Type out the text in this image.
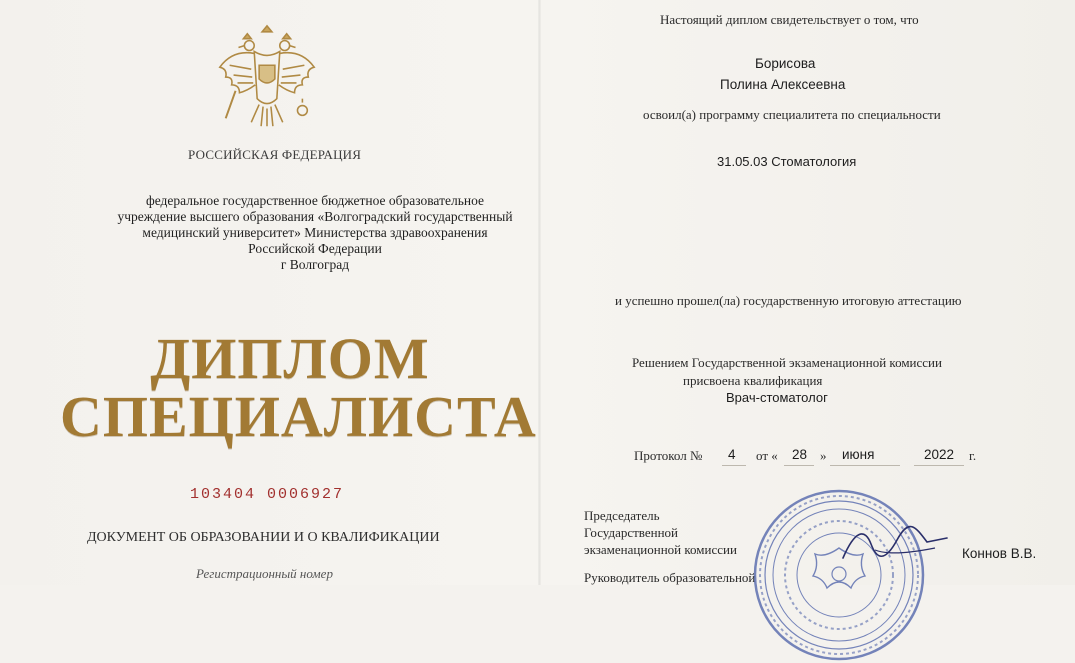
РОССИЙСКАЯ ФЕДЕРАЦИЯ
федеральное государственное бюджетное образовательное
учреждение высшего образования «Волгоградский государственный
медицинский университет» Министерства здравоохранения
Российской Федерации
г Волгоград
ДИПЛОМ
СПЕЦИАЛИСТА
103404 0006927
ДОКУМЕНТ ОБ ОБРАЗОВАНИИ И О КВАЛИФИКАЦИИ
Регистрационный номер
Настоящий диплом свидетельствует о том, что
Борисова
Полина Алексеевна
освоил(а) программу специалитета по специальности
31.05.03 Стоматология
и успешно прошел(ла) государственную итоговую аттестацию
Решением Государственной экзаменационной комиссии
присвоена квалификация
Врач-стоматолог
Протокол № 4 от « 28 » июня	2022 г.
Председатель
Государственной
экзаменационной комиссии	Коннов В.В.
Руководитель образовательной
